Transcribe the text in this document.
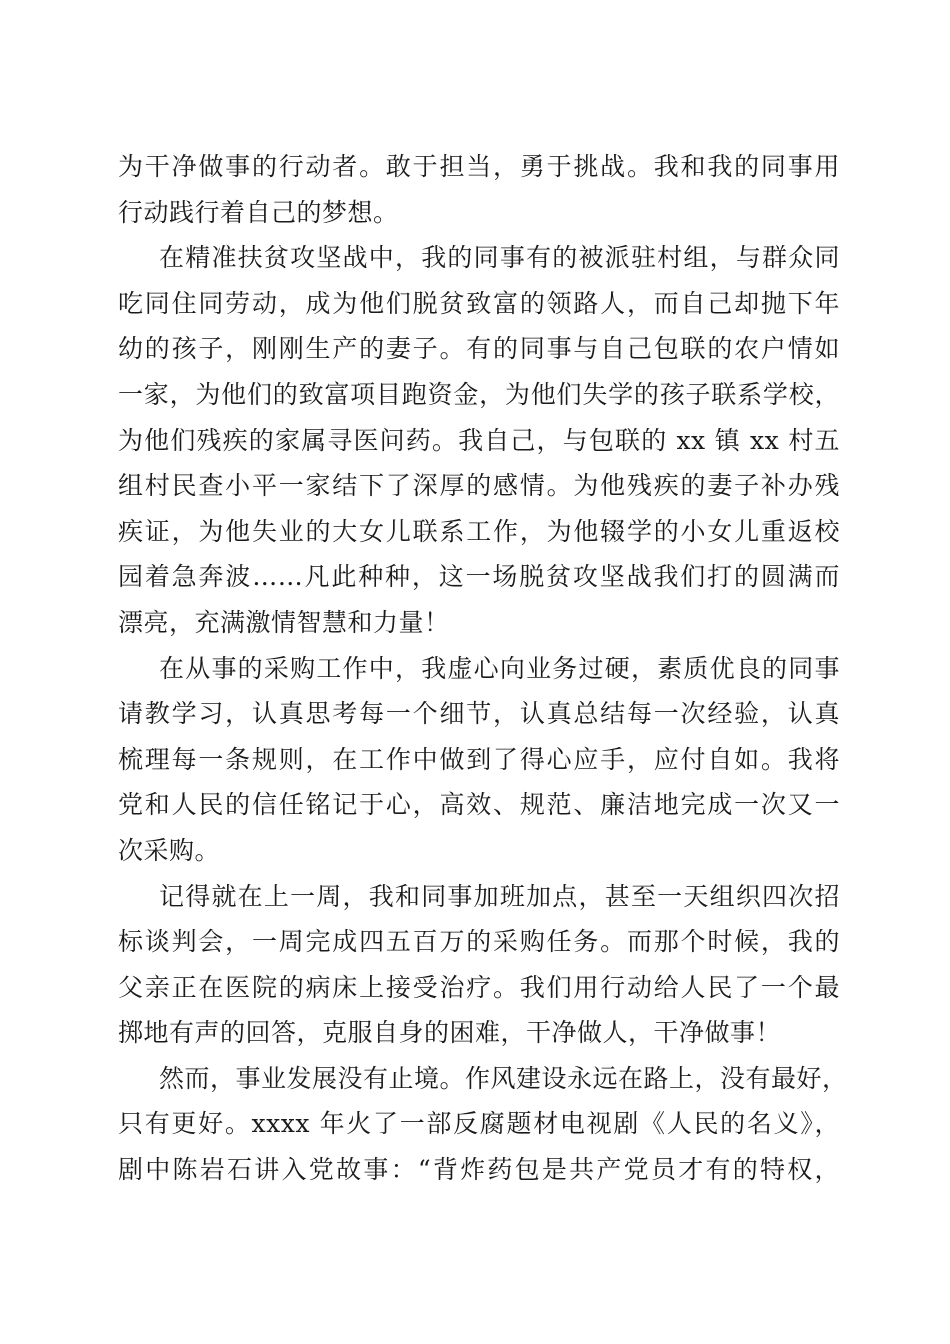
为干净做事的行动者。敢于担当，勇于挑战。我和我的同事用
行动践行着自己的梦想。
在精准扶贫攻坚战中，我的同事有的被派驻村组，与群众同
吃同住同劳动，成为他们脱贫致富的领路人，而自己却抛下年
幼的孩子，刚刚生产的妻子。有的同事与自己包联的农户情如
一家，为他们的致富项目跑资金，为他们失学的孩子联系学校，
为他们残疾的家属寻医问药。我自己，与包联的 xx 镇 xx 村五
组村民查小平一家结下了深厚的感情。为他残疾的妻子补办残
疾证，为他失业的大女儿联系工作，为他辍学的小女儿重返校
园着急奔波……凡此种种，这一场脱贫攻坚战我们打的圆满而
漂亮，充满激情智慧和力量！
在从事的采购工作中，我虚心向业务过硬，素质优良的同事
请教学习，认真思考每一个细节，认真总结每一次经验，认真
梳理每一条规则，在工作中做到了得心应手，应付自如。我将
党和人民的信任铭记于心，高效、规范、廉洁地完成一次又一
次采购。
记得就在上一周，我和同事加班加点，甚至一天组织四次招
标谈判会，一周完成四五百万的采购任务。而那个时候，我的
父亲正在医院的病床上接受治疗。我们用行动给人民了一个最
掷地有声的回答，克服自身的困难，干净做人，干净做事！
然而，事业发展没有止境。作风建设永远在路上，没有最好，
只有更好。xxxx 年火了一部反腐题材电视剧《人民的名义》，
剧中陈岩石讲入党故事：“背炸药包是共产党员才有的特权，
